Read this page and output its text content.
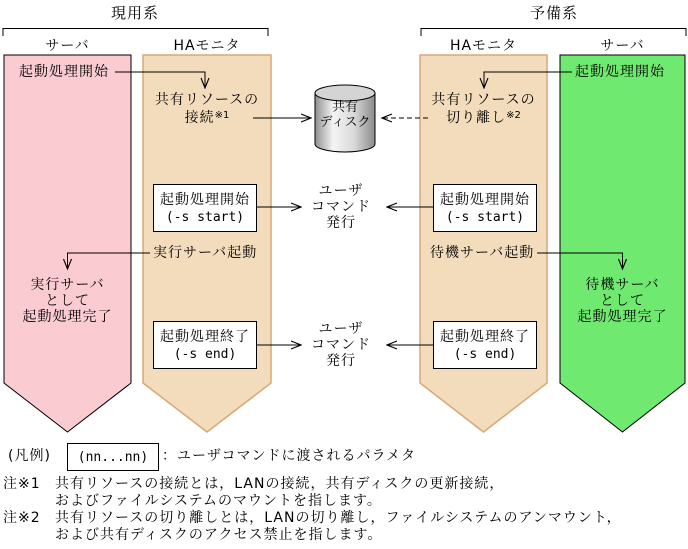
現用系	予備系
サーバ	HAモニタ	HAモニタ	サーバ
起動処理開始
共有リソースの
接続$^{※1}$
起動処理開始
(-s start)
実行サーバ起動
実行サーバ
として
起動処理完了
起動処理終了
(-s end)
共有
ディスク
ユーザ
コマンド
発行
ユーザ
コマンド
発行
起動処理開始
共有リソースの
切り離し$^{※2}$
起動処理開始
(-s start)
待機サーバ起動
待機サーバ
として
起動処理完了
起動処理終了
(-s end)
(凡例) (nn...nn) ：ユーザコマンドに渡されるパラメタ
注※1 共有リソースの接続とは，LANの接続，共有ディスクの更新接続，
およびファイルシステムのマウントを指します。
注※2 共有リソースの切り離しとは，LANの切り離し，ファイルシステムのアンマウント，
および共有ディスクのアクセス禁止を指します。
